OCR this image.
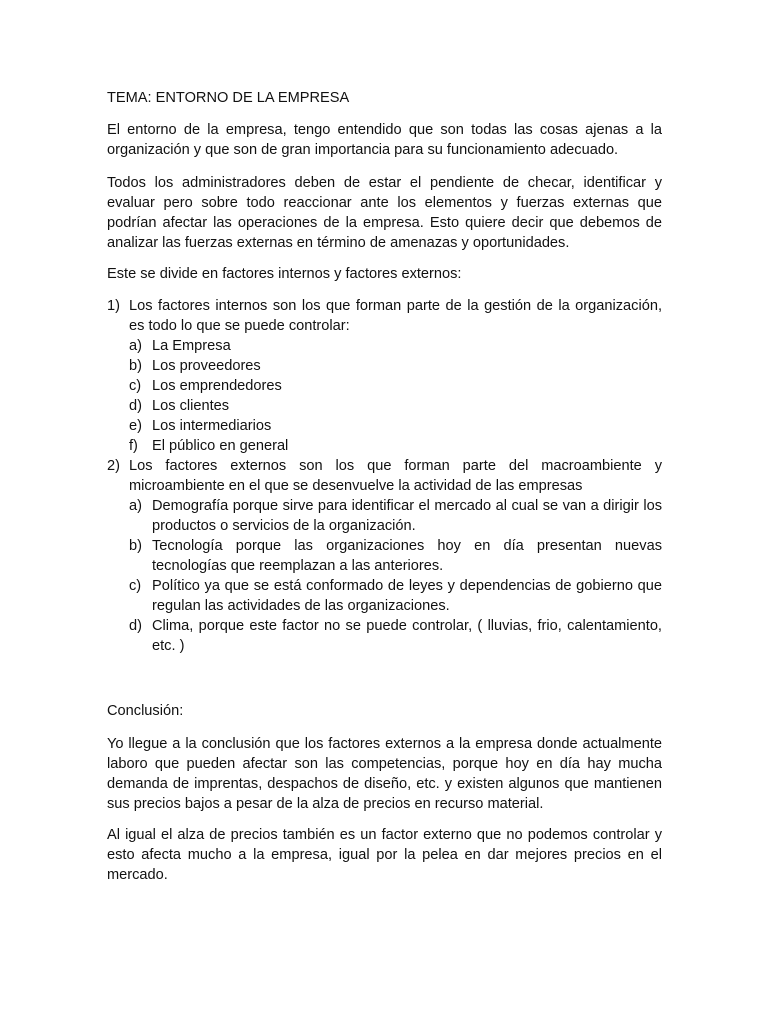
TEMA: ENTORNO DE LA EMPRESA

El entorno de la empresa, tengo entendido que son todas las cosas ajenas a la organización y que son de gran importancia para su funcionamiento adecuado.

Todos los administradores deben de estar el pendiente de checar, identificar y evaluar pero sobre todo reaccionar ante los elementos y fuerzas externas que podrían afectar las operaciones de la empresa. Esto quiere decir que debemos de analizar las fuerzas externas en término de amenazas y oportunidades.

Este se divide en factores internos y factores externos:

1) Los factores internos son los que forman parte de la gestión de la organización, es todo lo que se puede controlar:
a) La Empresa
b) Los proveedores
c) Los emprendedores
d) Los clientes
e) Los intermediarios
f) El público en general
2) Los factores externos son los que forman parte del macroambiente y microambiente en el que se desenvuelve la actividad de las empresas
a) Demografía porque sirve para identificar el mercado al cual se van a dirigir los productos o servicios de la organización.
b) Tecnología porque las organizaciones hoy en día presentan nuevas tecnologías que reemplazan a las anteriores.
c) Político ya que se está conformado de leyes y dependencias de gobierno que regulan las actividades de las organizaciones.
d) Clima, porque este factor no se puede controlar, ( lluvias, frio, calentamiento, etc. )
Conclusión:

Yo llegue a la conclusión que los factores externos a la empresa donde actualmente laboro que pueden afectar son las competencias, porque hoy en día hay mucha demanda de imprentas, despachos de diseño, etc. y existen algunos que mantienen sus precios bajos a pesar de la alza de precios en recurso material.

Al igual el alza de precios también es un factor externo que no podemos controlar y esto afecta mucho a la empresa, igual por la pelea en dar mejores precios en el mercado.
